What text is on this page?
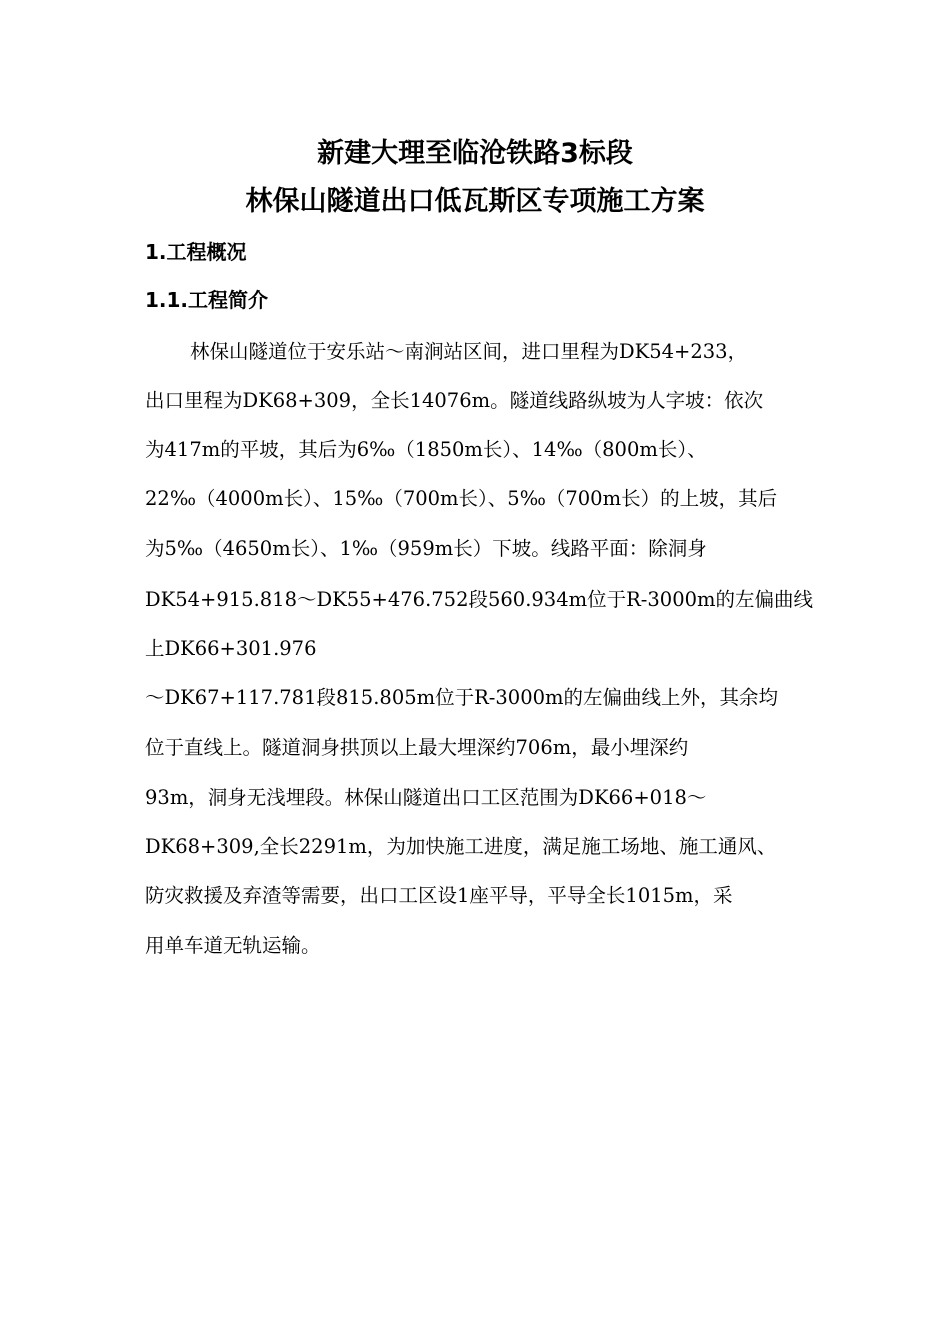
新建大理至临沧铁路3标段
林保山隧道出口低瓦斯区专项施工方案
1.工程概况
1.1.工程简介
林保山隧道位于安乐站～南涧站区间，进口里程为DK54+233，
出口里程为DK68+309，全长14076m。隧道线路纵坡为人字坡：依次
为417m的平坡，其后为6‰（1850m长）、14‰（800m长）、
22‰（4000m长）、15‰（700m长）、5‰（700m长）的上坡，其后
为5‰（4650m长）、1‰（959m长）下坡。线路平面：除洞身
DK54+915.818～DK55+476.752段560.934m位于R-3000m的左偏曲线
上DK66+301.976
～DK67+117.781段815.805m位于R-3000m的左偏曲线上外，其余均
位于直线上。隧道洞身拱顶以上最大埋深约706m，最小埋深约
93m，洞身无浅埋段。林保山隧道出口工区范围为DK66+018～
DK68+309,全长2291m，为加快施工进度，满足施工场地、施工通风、
防灾救援及弃渣等需要，出口工区设1座平导，平导全长1015m，采
用单车道无轨运输。
